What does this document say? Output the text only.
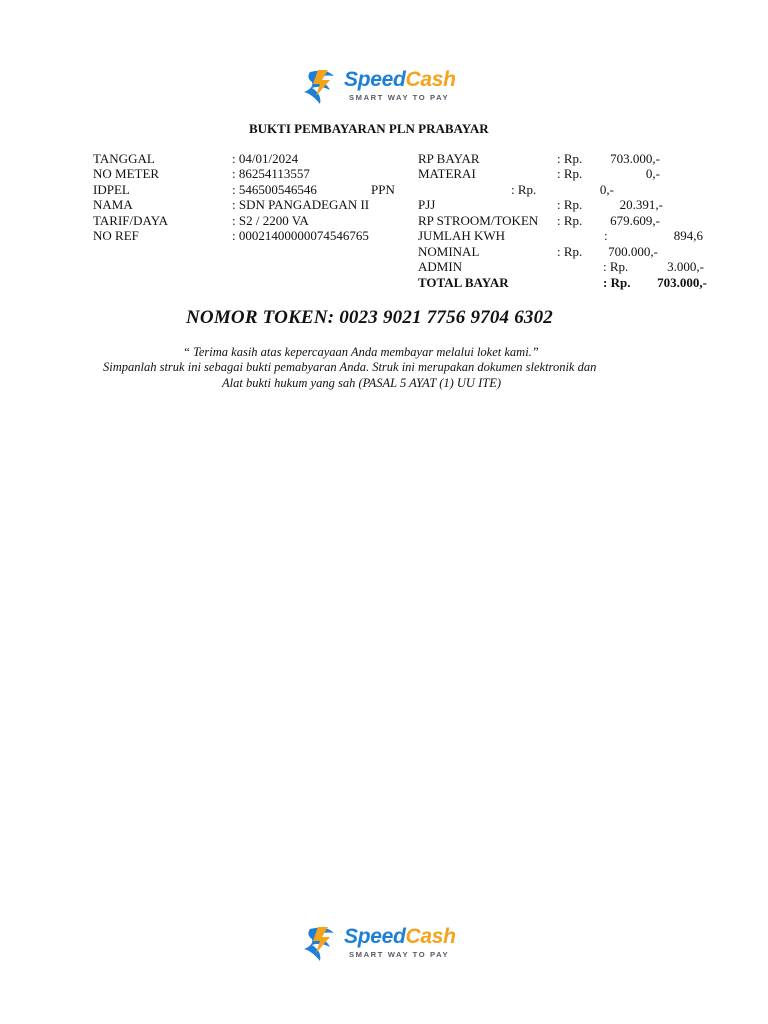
SpeedCash
SMART WAY TO PAY
BUKTI PEMBAYARAN PLN PRABAYAR
TANGGAL	: 04/01/2024
NO METER	: 86254113557
IDPEL	: 546500546546	PPN
NAMA	: SDN PANGADEGAN II
TARIF/DAYA	: S2 / 2200 VA
NO REF	: 00021400000074546765
RP BAYAR	: Rp.	703.000,-
MATERAI	: Rp.	0,-
: Rp.	0,-
PJJ	: Rp.	20.391,-
RP STROOM/TOKEN : Rp.	679.609,-
JUMLAH KWH	:	894,6
NOMINAL	: Rp.	700.000,-
ADMIN	: Rp.	3.000,-
TOTAL BAYAR	: Rp.	703.000,-
NOMOR TOKEN: 0023 9021 7756 9704 6302
“ Terima kasih atas kepercayaan Anda membayar melalui loket kami.”
Simpanlah struk ini sebagai bukti pemabyaran Anda. Struk ini merupakan dokumen slektronik dan
Alat bukti hukum yang sah (PASAL 5 AYAT (1) UU ITE)
SpeedCash
SMART WAY TO PAY
